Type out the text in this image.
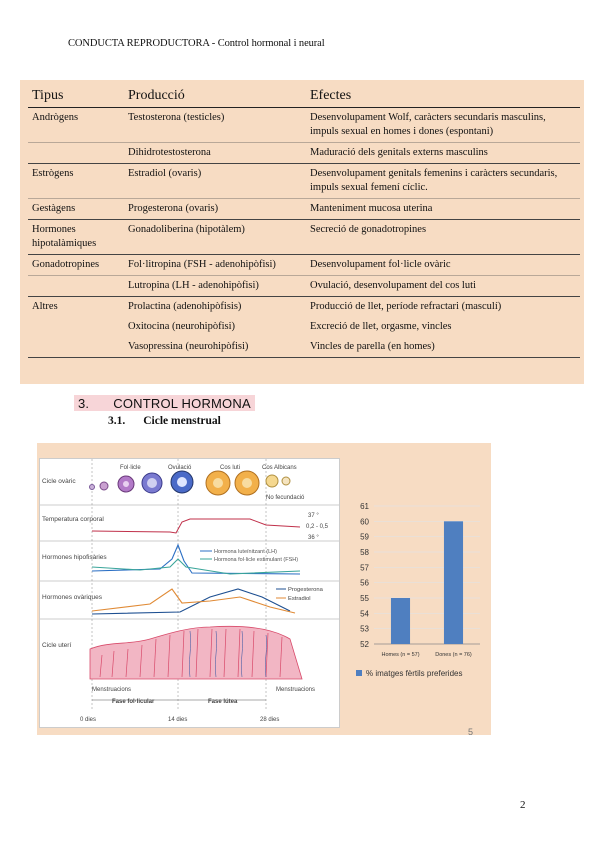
CONDUCTA REPRODUCTORA - Control hormonal i neural
Tipus	Producció	Efectes
Andrògens	Testosterona (testicles)	Desenvolupament Wolf, caràcters secundaris masculins, impuls sexual en homes i dones (espontani)
	Dihidrotestosterona	Maduració dels genitals externs masculins
Estrògens	Estradiol (ovaris)	Desenvolupament genitals femenins i caràcters secundaris, impuls sexual femení cíclic.
Gestàgens	Progesterona (ovaris)	Manteniment mucosa uterina
Hormones hipotalàmiques	Gonadoliberina (hipotàlem)	Secreció de gonadotropines
Gonadotropines	Fol·litropina (FSH - adenohipòfisi)	Desenvolupament fol·licle ovàric
	Lutropina (LH - adenohipòfisi)	Ovulació, desenvolupament del cos luti
Altres	Prolactina (adenohipòfisis)	Producció de llet, període refractari (masculí)
	Oxitocina (neurohipòfisi)	Excreció de llet, orgasme, vincles
	Vasopressina (neurohipòfisi)	Vincles de parella (en homes)
3. CONTROL HORMONA
3.1. Cicle menstrual
Cicle ovàric
Temperatura corporal
Hormones hipofisàries
Hormones ovàriques
Cicle uterí
Fol·licle	Ovulació	Cos luti	Cos Albicans
No fecundació
37 °
0,2 - 0,5
36 °
Hormona luteïnitzant (LH)
Hormona fol·licle estimulant (FSH)
Progesterona
Estradiol
Menstruacions	Menstruacions
Fase fol·licular	Fase lútea
0 dies	14 dies	28 dies
52
53
54
55
56
57
58
59
60
61
Homes (n = 57)	Dones (n = 76)
% imatges fèrtils preferides
5
2
